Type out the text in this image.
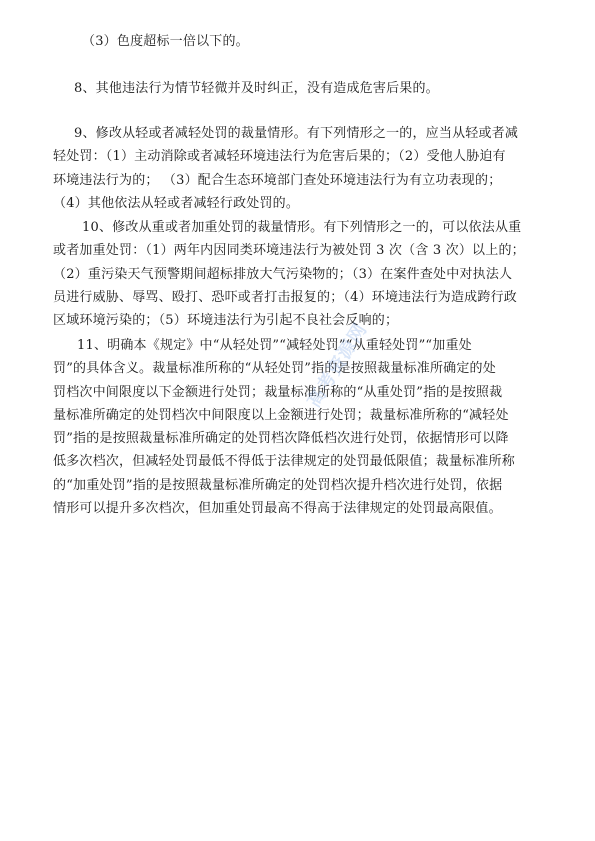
（3）色度超标一倍以下的。

8、其他违法行为情节轻微并及时纠正，没有造成危害后果的。

9、修改从轻或者减轻处罚的裁量情形。有下列情形之一的，应当从轻或者减
轻处罚：（1）主动消除或者减轻环境违法行为危害后果的；（2）受他人胁迫有
环境违法行为的； （3）配合生态环境部门查处环境违法行为有立功表现的；
（4）其他依法从轻或者减轻行政处罚的。

10、修改从重或者加重处罚的裁量情形。有下列情形之一的，可以依法从重
或者加重处罚：（1）两年内因同类环境违法行为被处罚 3 次（含 3 次）以上的；
（2）重污染天气预警期间超标排放大气污染物的；（3）在案件查处中对执法人
员进行威胁、辱骂、殴打、恐吓或者打击报复的；（4）环境违法行为造成跨行政
区域环境污染的；（5）环境违法行为引起不良社会反响的；

11、明确本《规定》中“从轻处罚”“减轻处罚”“从重轻处罚”“加重处
罚”的具体含义。裁量标准所称的“从轻处罚”指的是按照裁量标准所确定的处
罚档次中间限度以下金额进行处罚；裁量标准所称的“从重处罚”指的是按照裁
量标准所确定的处罚档次中间限度以上金额进行处罚；裁量标准所称的“减轻处
罚”指的是按照裁量标准所确定的处罚档次降低档次进行处罚，依据情形可以降
低多次档次，但减轻处罚最低不得低于法律规定的处罚最低限值；裁量标准所称
的“加重处罚”指的是按照裁量标准所确定的处罚档次提升档次进行处罚，依据
情形可以提升多次档次，但加重处罚最高不得高于法律规定的处罚最高限值。

高考资源网
